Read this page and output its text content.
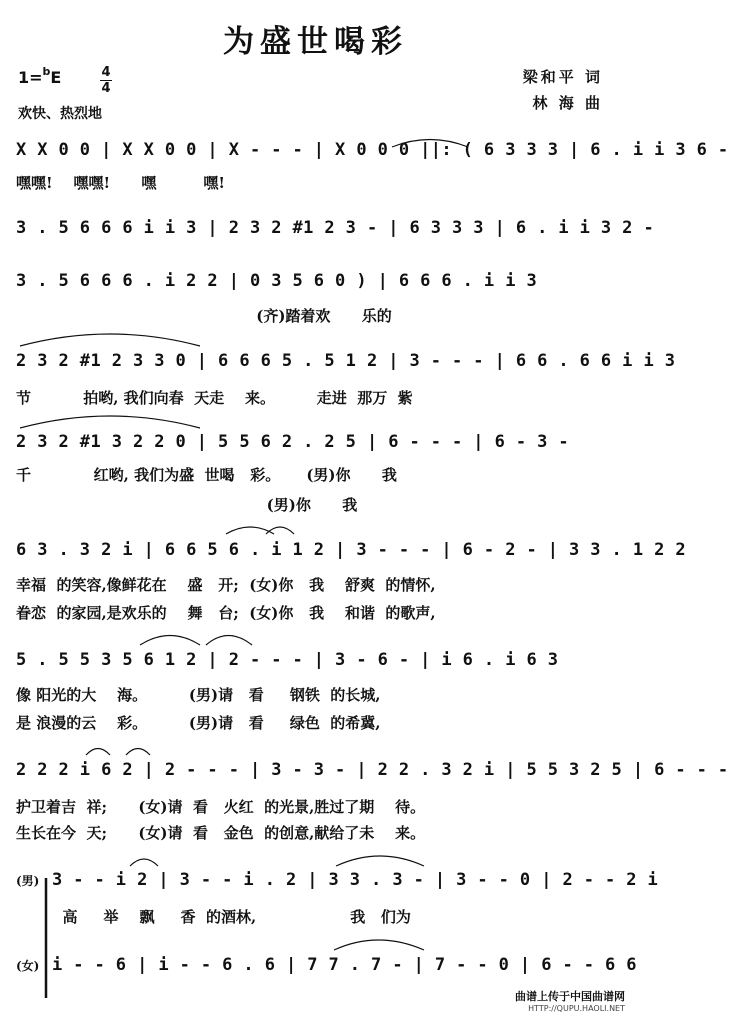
为盛世喝彩
1=$^b$E	4
4
欢快、热烈地
梁和平 词
林 海 曲
X X 0 0 | X X 0 0 | X - - - | X 0 0 0 ||: ( 6 3 3 3 | 6 . i i 3 6 -
嘿嘿!    嘿嘿!      嘿         嘿!
3 . 5 6 6 6 i i 3 | 2 3 2 #1 2 3 - | 6 3 3 3 | 6 . i i 3 2 -
3 . 5 6 6 6 . i 2 2 | 0 3 5 6 0 ) | 6 6 6 . i i 3
(齐)踏着欢      乐的
2 3 2 #1 2 3 3 0 | 6 6 6 5 . 5 1 2 | 3 - - - | 6 6 . 6 6 i i 3
节          拍哟, 我们向春  天走    来。        走进  那万  紫
2 3 2 #1 3 2 2 0 | 5 5 6 2 . 2 5 | 6 - - - | 6 - 3 -
千            红哟, 我们为盛  世喝   彩。     (男)你      我
(男)你      我
6 3 . 3 2 i | 6 6 5 6 . i 1 2 | 3 - - - | 6 - 2 - | 3 3 . 1 2 2
幸福  的笑容,像鲜花在    盛   开;  (女)你   我    舒爽  的情怀,
眷恋  的家园,是欢乐的    舞   台;  (女)你   我    和谐  的歌声,
5 . 5 5 3 5 6 1 2 | 2 - - - | 3 - 6 - | i 6 . i 6 3
像 阳光的大    海。        (男)请   看     钢铁  的长城,
是 浪漫的云    彩。        (男)请   看     绿色  的希冀,
2 2 2 i 6 2 | 2 - - - | 3 - 3 - | 2 2 . 3 2 i | 5 5 3 2 5 | 6 - - -
护卫着吉  祥;      (女)请  看   火红  的光景,胜过了期    待。
生长在今  天;      (女)请  看   金色  的创意,献给了未    来。
(男) 3 - - i 2 | 3 - - i . 2 | 3 3 . 3 - | 3 - - 0 | 2 - - 2 i
高     举    飘     香  的酒林,                  我   们为
(女) i - - 6 | i - - 6 . 6 | 7 7 . 7 - | 7 - - 0 | 6 - - 6 6
曲谱上传于中国曲谱网
HTTP://QUPU.HAOLI.NET
